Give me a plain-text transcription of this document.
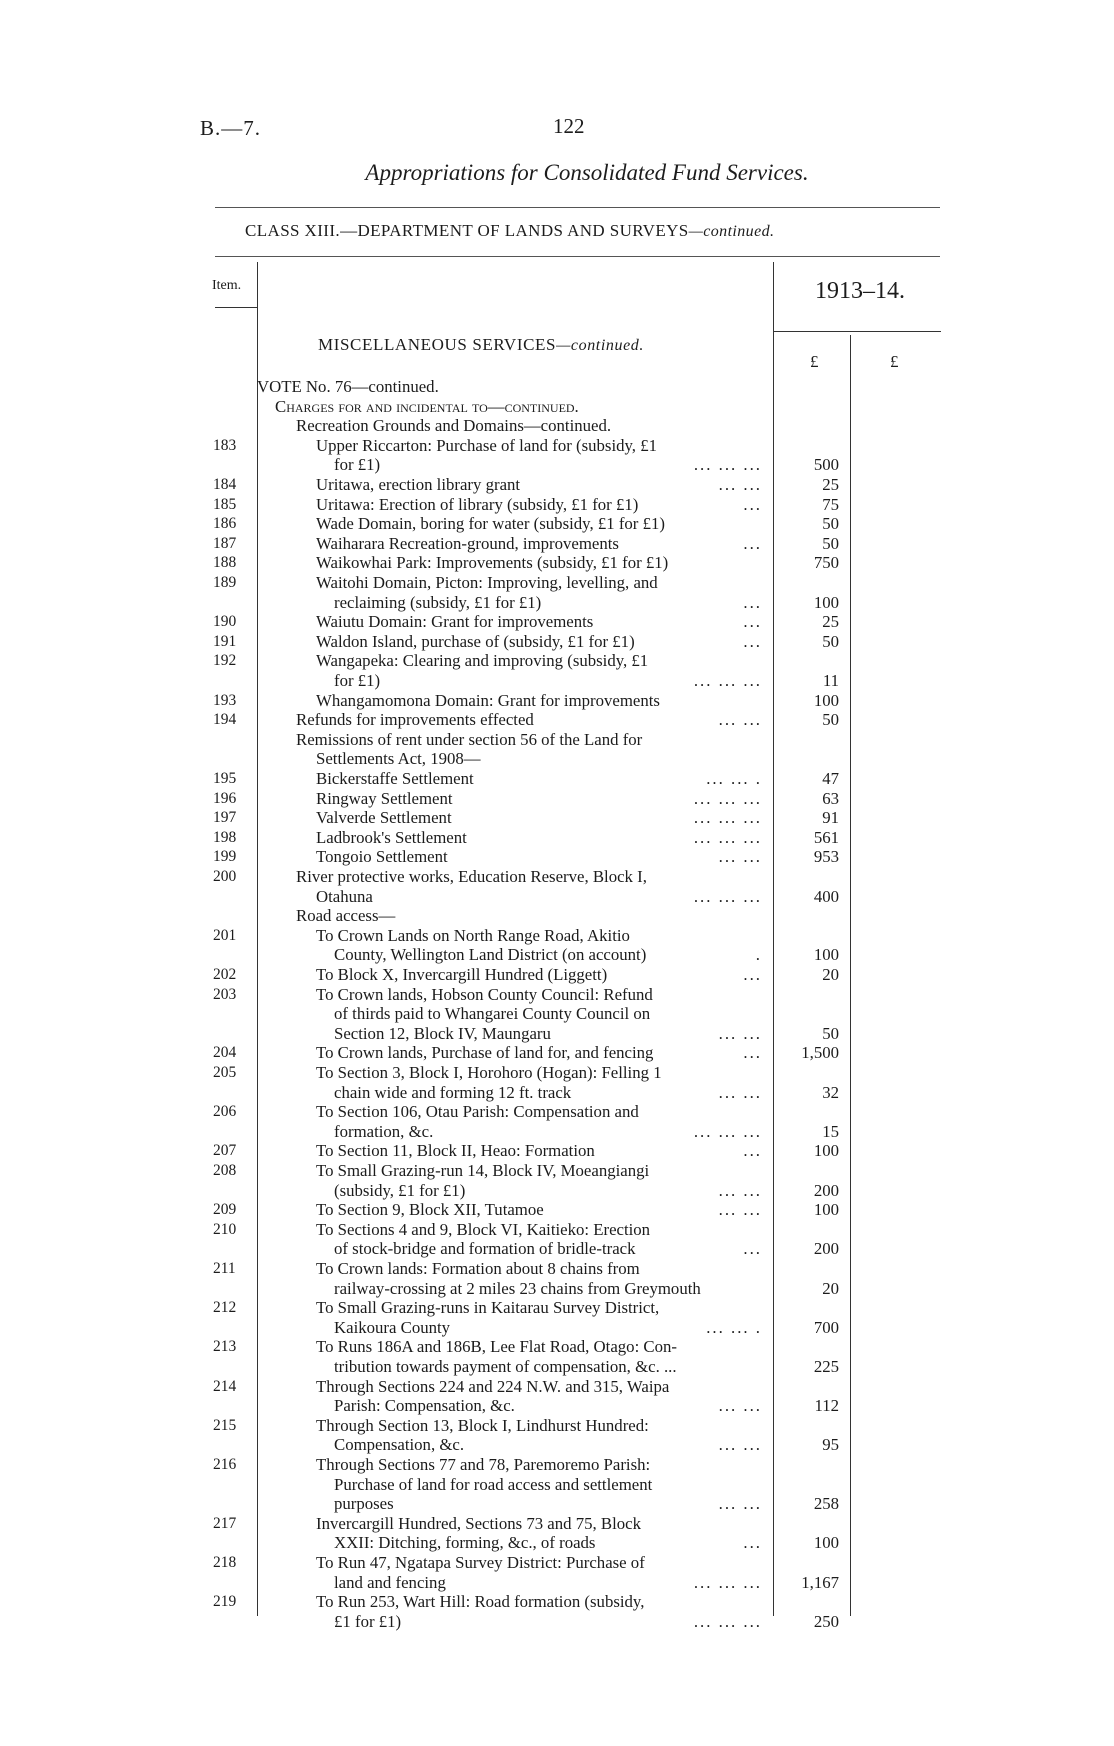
B.—7.	122
Appropriations for Consolidated Fund Services.
CLASS XIII.—DEPARTMENT OF LANDS AND SURVEYS—continued.
Item.	1913–14.
£	£
MISCELLANEOUS SERVICES—continued.
VOTE No. 76—continued.
Charges for and incidental to—continued.
Recreation Grounds and Domains—continued.
183	Upper Riccarton: Purchase of land for (subsidy, £1
for £1)	... ... ...	500
184	Uritawa, erection library grant	... ...	25
185	Uritawa: Erection of library (subsidy, £1 for £1)	...	75
186	Wade Domain, boring for water (subsidy, £1 for £1)	50
187	Waiharara Recreation-ground, improvements	...	50
188	Waikowhai Park: Improvements (subsidy, £1 for £1)	750
189	Waitohi Domain, Picton: Improving, levelling, and
reclaiming (subsidy, £1 for £1)	...	100
190	Waiutu Domain: Grant for improvements	...	25
191	Waldon Island, purchase of (subsidy, £1 for £1)	...	50
192	Wangapeka: Clearing and improving (subsidy, £1
for £1)	... ... ...	11
193	Whangamomona Domain: Grant for improvements	100
194	Refunds for improvements effected	... ...	50
Remissions of rent under section 56 of the Land for
Settlements Act, 1908—
195	Bickerstaffe Settlement	... ... .	47
196	Ringway Settlement	... ... ...	63
197	Valverde Settlement	... ... ...	91
198	Ladbrook's Settlement	... ... ...	561
199	Tongoio Settlement	... ...	953
200	River protective works, Education Reserve, Block I,
Otahuna	... ... ...	400
Road access—
201	To Crown Lands on North Range Road, Akitio
County, Wellington Land District (on account)	.	100
202	To Block X, Invercargill Hundred (Liggett)	...	20
203	To Crown lands, Hobson County Council: Refund
of thirds paid to Whangarei County Council on
Section 12, Block IV, Maungaru	... ...	50
204	To Crown lands, Purchase of land for, and fencing	...	1,500
205	To Section 3, Block I, Horohoro (Hogan): Felling 1
chain wide and forming 12 ft. track	... ...	32
206	To Section 106, Otau Parish: Compensation and
formation, &c.	... ... ...	15
207	To Section 11, Block II, Heao: Formation	...	100
208	To Small Grazing-run 14, Block IV, Moeangiangi
(subsidy, £1 for £1)	... ...	200
209	To Section 9, Block XII, Tutamoe	... ...	100
210	To Sections 4 and 9, Block VI, Kaitieko: Erection
of stock-bridge and formation of bridle-track	...	200
211	To Crown lands: Formation about 8 chains from
railway-crossing at 2 miles 23 chains from Greymouth	20
212	To Small Grazing-runs in Kaitarau Survey District,
Kaikoura County	... ... .	700
213	To Runs 186A and 186B, Lee Flat Road, Otago: Con-
tribution towards payment of compensation, &c. ...	225
214	Through Sections 224 and 224 N.W. and 315, Waipa
Parish: Compensation, &c.	... ...	112
215	Through Section 13, Block I, Lindhurst Hundred:
Compensation, &c.	... ...	95
216	Through Sections 77 and 78, Paremoremo Parish:
Purchase of land for road access and settlement
purposes	... ...	258
217	Invercargill Hundred, Sections 73 and 75, Block
XXII: Ditching, forming, &c., of roads	...	100
218	To Run 47, Ngatapa Survey District: Purchase of
land and fencing	... ... ...	1,167
219	To Run 253, Wart Hill: Road formation (subsidy,
£1 for £1)	... ... ...	250
